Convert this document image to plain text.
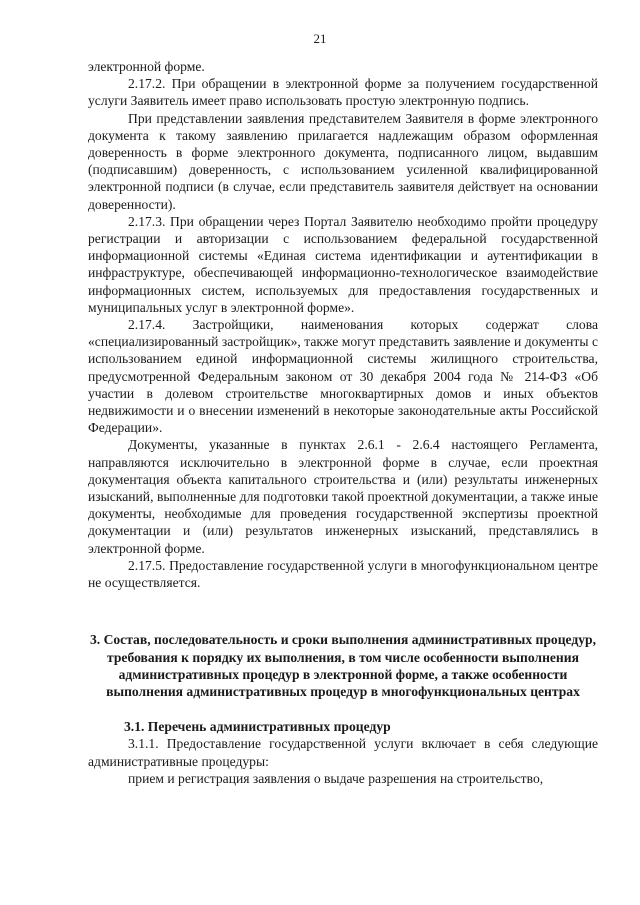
21

электронной форме.

2.17.2. При обращении в электронной форме за получением государственной услуги Заявитель имеет право использовать простую электронную подпись.

При представлении заявления представителем Заявителя в форме электронного документа к такому заявлению прилагается надлежащим образом оформленная доверенность в форме электронного документа, подписанного лицом, выдавшим (подписавшим) доверенность, с использованием усиленной квалифицированной электронной подписи (в случае, если представитель заявителя действует на основании доверенности).

2.17.3. При обращении через Портал Заявителю необходимо пройти процедуру регистрации и авторизации с использованием федеральной государственной информационной системы «Единая система идентификации и аутентификации в инфраструктуре, обеспечивающей информационно-технологическое взаимодействие информационных систем, используемых для предоставления государственных и муниципальных услуг в электронной форме».

2.17.4. Застройщики, наименования которых содержат слова «специализированный застройщик», также могут представить заявление и документы с использованием единой информационной системы жилищного строительства, предусмотренной Федеральным законом от 30 декабря 2004 года № 214-ФЗ «Об участии в долевом строительстве многоквартирных домов и иных объектов недвижимости и о внесении изменений в некоторые законодательные акты Российской Федерации».

Документы, указанные в пунктах 2.6.1 - 2.6.4 настоящего Регламента, направляются исключительно в электронной форме в случае, если проектная документация объекта капитального строительства и (или) результаты инженерных изысканий, выполненные для подготовки такой проектной документации, а также иные документы, необходимые для проведения государственной экспертизы проектной документации и (или) результатов инженерных изысканий, представлялись в электронной форме.

2.17.5. Предоставление государственной услуги в многофункциональном центре не осуществляется.

3. Состав, последовательность и сроки выполнения административных процедур, требования к порядку их выполнения, в том числе особенности выполнения административных процедур в электронной форме, а также особенности выполнения административных процедур в многофункциональных центрах

3.1. Перечень административных процедур

3.1.1. Предоставление государственной услуги включает в себя следующие административные процедуры:

прием и регистрация заявления о выдаче разрешения на строительство,
